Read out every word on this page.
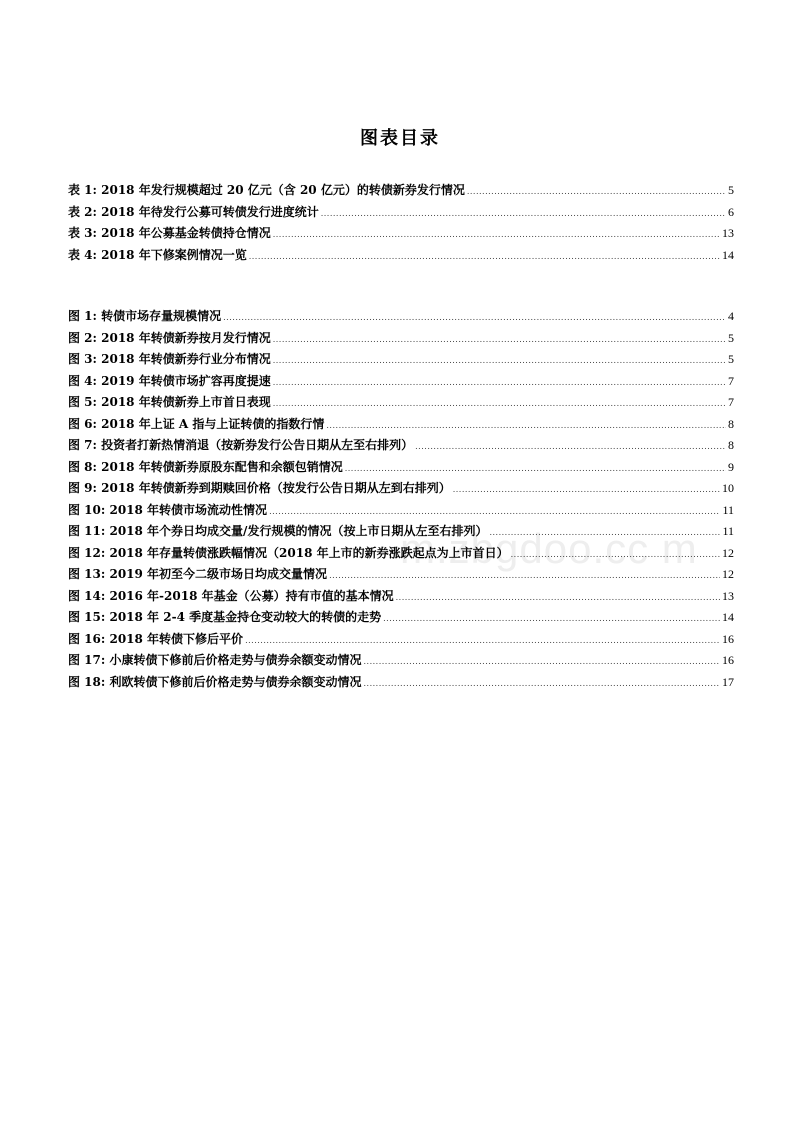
图表目录
m.zbgdoo.cc m
表 1: 2018 年发行规模超过 20 亿元（含 20 亿元）的转债新券发行情况 .....	5
表 2: 2018 年待发行公募可转债发行进度统计 .....	6
表 3: 2018 年公募基金转债持仓情况 .....	13
表 4: 2018 年下修案例情况一览 .....	14
图 1: 转债市场存量规模情况 .....	4
图 2: 2018 年转债新券按月发行情况 .....	5
图 3: 2018 年转债新券行业分布情况 .....	5
图 4: 2019 年转债市场扩容再度提速 .....	7
图 5: 2018 年转债新券上市首日表现 .....	7
图 6: 2018 年上证 A 指与上证转债的指数行情 .....	8
图 7: 投资者打新热情消退（按新券发行公告日期从左至右排列） .....	8
图 8: 2018 年转债新券原股东配售和余额包销情况 .....	9
图 9: 2018 年转债新券到期赎回价格（按发行公告日期从左到右排列） .....	10
图 10: 2018 年转债市场流动性情况 .....	11
图 11: 2018 年个券日均成交量/发行规模的情况（按上市日期从左至右排列） .....	11
图 12: 2018 年存量转债涨跌幅情况（2018 年上市的新券涨跌起点为上市首日） .....	12
图 13: 2019 年初至今二级市场日均成交量情况 .....	12
图 14: 2016 年-2018 年基金（公募）持有市值的基本情况 .....	13
图 15: 2018 年 2-4 季度基金持仓变动较大的转债的走势 .....	14
图 16: 2018 年转债下修后平价 .....	16
图 17: 小康转债下修前后价格走势与债券余额变动情况 .....	16
图 18: 利欧转债下修前后价格走势与债券余额变动情况 .....	17
